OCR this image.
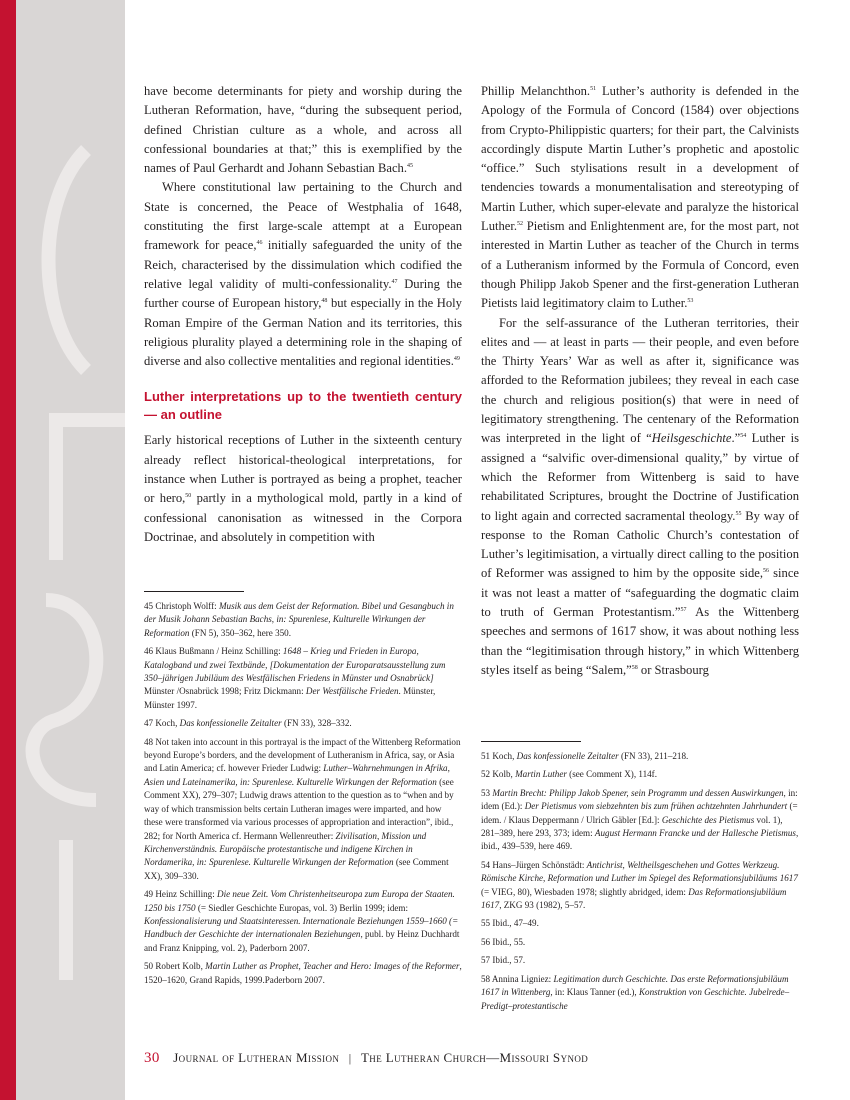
have become determinants for piety and worship during the Lutheran Reformation, have, “during the subsequent period, defined Christian culture as a whole, and across all confessional boundaries at that;” this is exemplified by the names of Paul Gerhardt and Johann Sebastian Bach.$^{45}$

Where constitutional law pertaining to the Church and State is concerned, the Peace of Westphalia of 1648, constituting the first large-scale attempt at a European framework for peace,$^{46}$ initially safeguarded the unity of the Reich, characterised by the dissimulation which codified the relative legal validity of multi-confessionality.$^{47}$ During the further course of European history,$^{48}$ but especially in the Holy Roman Empire of the German Nation and its territories, this religious plurality played a determining role in the shaping of diverse and also collective mentalities and regional identities.$^{49}$

Luther interpretations up to the twentieth century — an outline

Early historical receptions of Luther in the sixteenth century already reflect historical-theological interpretations, for instance when Luther is portrayed as being a prophet, teacher or hero,$^{50}$ partly in a mythological mold, partly in a kind of confessional canonisation as witnessed in the Corpora Doctrinae, and absolutely in competition with

Phillip Melanchthon.$^{51}$ Luther’s authority is defended in the Apology of the Formula of Concord (1584) over objections from Crypto-Philippistic quarters; for their part, the Calvinists accordingly dispute Martin Luther’s prophetic and apostolic “office.” Such stylisations result in a development of tendencies towards a monumentalisation and stereotyping of Martin Luther, which super-elevate and paralyze the historical Luther.$^{52}$ Pietism and Enlightenment are, for the most part, not interested in Martin Luther as teacher of the Church in terms of a Lutheranism informed by the Formula of Concord, even though Philipp Jakob Spener and the first-generation Lutheran Pietists laid legitimatory claim to Luther.$^{53}$

For the self-assurance of the Lutheran territories, their elites and — at least in parts — their people, and even before the Thirty Years’ War as well as after it, significance was afforded to the Reformation jubilees; they reveal in each case the church and religious position(s) that were in need of legitimatory strengthening. The centenary of the Reformation was interpreted in the light of “Heilsgeschichte.”$^{54}$ Luther is assigned a “salvific over-dimensional quality,” by virtue of which the Reformer from Wittenberg is said to have rehabilitated Scriptures, brought the Doctrine of Justification to light again and corrected sacramental theology.$^{55}$ By way of response to the Roman Catholic Church’s contestation of Luther’s legitimisation, a virtually direct calling to the position of Reformer was assigned to him by the opposite side,$^{56}$ since it was not least a matter of “safeguarding the dogmatic claim to truth of German Protestantism.”$^{57}$ As the Wittenberg speeches and sermons of 1617 show, it was about nothing less than the “legitimisation through history,” in which Wittenberg styles itself as being “Salem,”$^{58}$ or Strasbourg

45 Christoph Wolff: Musik aus dem Geist der Reformation. Bibel und Gesangbuch in der Musik Johann Sebastian Bachs, in: Spurenlese, Kulturelle Wirkungen der Reformation (FN 5), 350–362, here 350.
46 Klaus Bußmann / Heinz Schilling: 1648 – Krieg und Frieden in Europa, Katalogband und zwei Textbände, [Dokumentation der Europaratsausstellung zum 350–jährigen Jubiläum des Westfälischen Friedens in Münster und Osnabrück] Münster /Osnabrück 1998; Fritz Dickmann: Der Westfälische Frieden. Münster, Münster 1997.
47 Koch, Das konfessionelle Zeitalter (FN 33), 328–332.
48 Not taken into account in this portrayal is the impact of the Wittenberg Reformation beyond Europe’s borders, and the development of Lutheranism in Africa, say, or Asia and Latin America; cf. however Frieder Ludwig: Luther–Wahrnehmungen in Afrika, Asien und Lateinamerika, in: Spurenlese. Kulturelle Wirkungen der Reformation (see Comment XX), 279–307; Ludwig draws attention to the question as to “when and by way of which transmission belts certain Lutheran images were imparted, and how these were transformed via various processes of appropriation and interaction”, ibid., 282; for North America cf. Hermann Wellenreuther: Zivilisation, Mission und Kirchenverständnis. Europäische protestantische und indigene Kirchen in Nordamerika, in: Spurenlese. Kulturelle Wirkungen der Reformation (see Comment XX), 309–330.
49 Heinz Schilling: Die neue Zeit. Vom Christenheitseuropa zum Europa der Staaten. 1250 bis 1750 (= Siedler Geschichte Europas, vol. 3) Berlin 1999; idem: Konfessionalisierung und Staatsinteressen. Internationale Beziehungen 1559–1660 (= Handbuch der Geschichte der internationalen Beziehungen, publ. by Heinz Duchhardt and Franz Knipping, vol. 2), Paderborn 2007.
50 Robert Kolb, Martin Luther as Prophet, Teacher and Hero: Images of the Reformer, 1520–1620, Grand Rapids, 1999.Paderborn 2007.
51 Koch, Das konfessionelle Zeitalter (FN 33), 211–218.
52 Kolb, Martin Luther (see Comment X), 114f.
53 Martin Brecht: Philipp Jakob Spener, sein Programm und dessen Auswirkungen, in: idem (Ed.): Der Pietismus vom siebzehnten bis zum frühen achtzehnten Jahrhundert (= idem. / Klaus Deppermann / Ulrich Gäbler [Ed.]: Geschichte des Pietismus vol. 1), 281–389, here 293, 373; idem: August Hermann Francke und der Hallesche Pietismus, ibid., 439–539, here 469.
54 Hans–Jürgen Schönstädt: Antichrist, Weltheilsgeschehen und Gottes Werkzeug. Römische Kirche, Reformation und Luther im Spiegel des Reformationsjubiläums 1617 (= VIEG, 80), Wiesbaden 1978; slightly abridged, idem: Das Reformationsjubiläum 1617, ZKG 93 (1982), 5–57.
55 Ibid., 47–49.
56 Ibid., 55.
57 Ibid., 57.
58 Annina Ligniez: Legitimation durch Geschichte. Das erste Reformationsjubiläum 1617 in Wittenberg, in: Klaus Tanner (ed.), Konstruktion von Geschichte. Jubelrede–Predigt–protestantische
30 Journal of Lutheran Mission | The Lutheran Church—Missouri Synod
